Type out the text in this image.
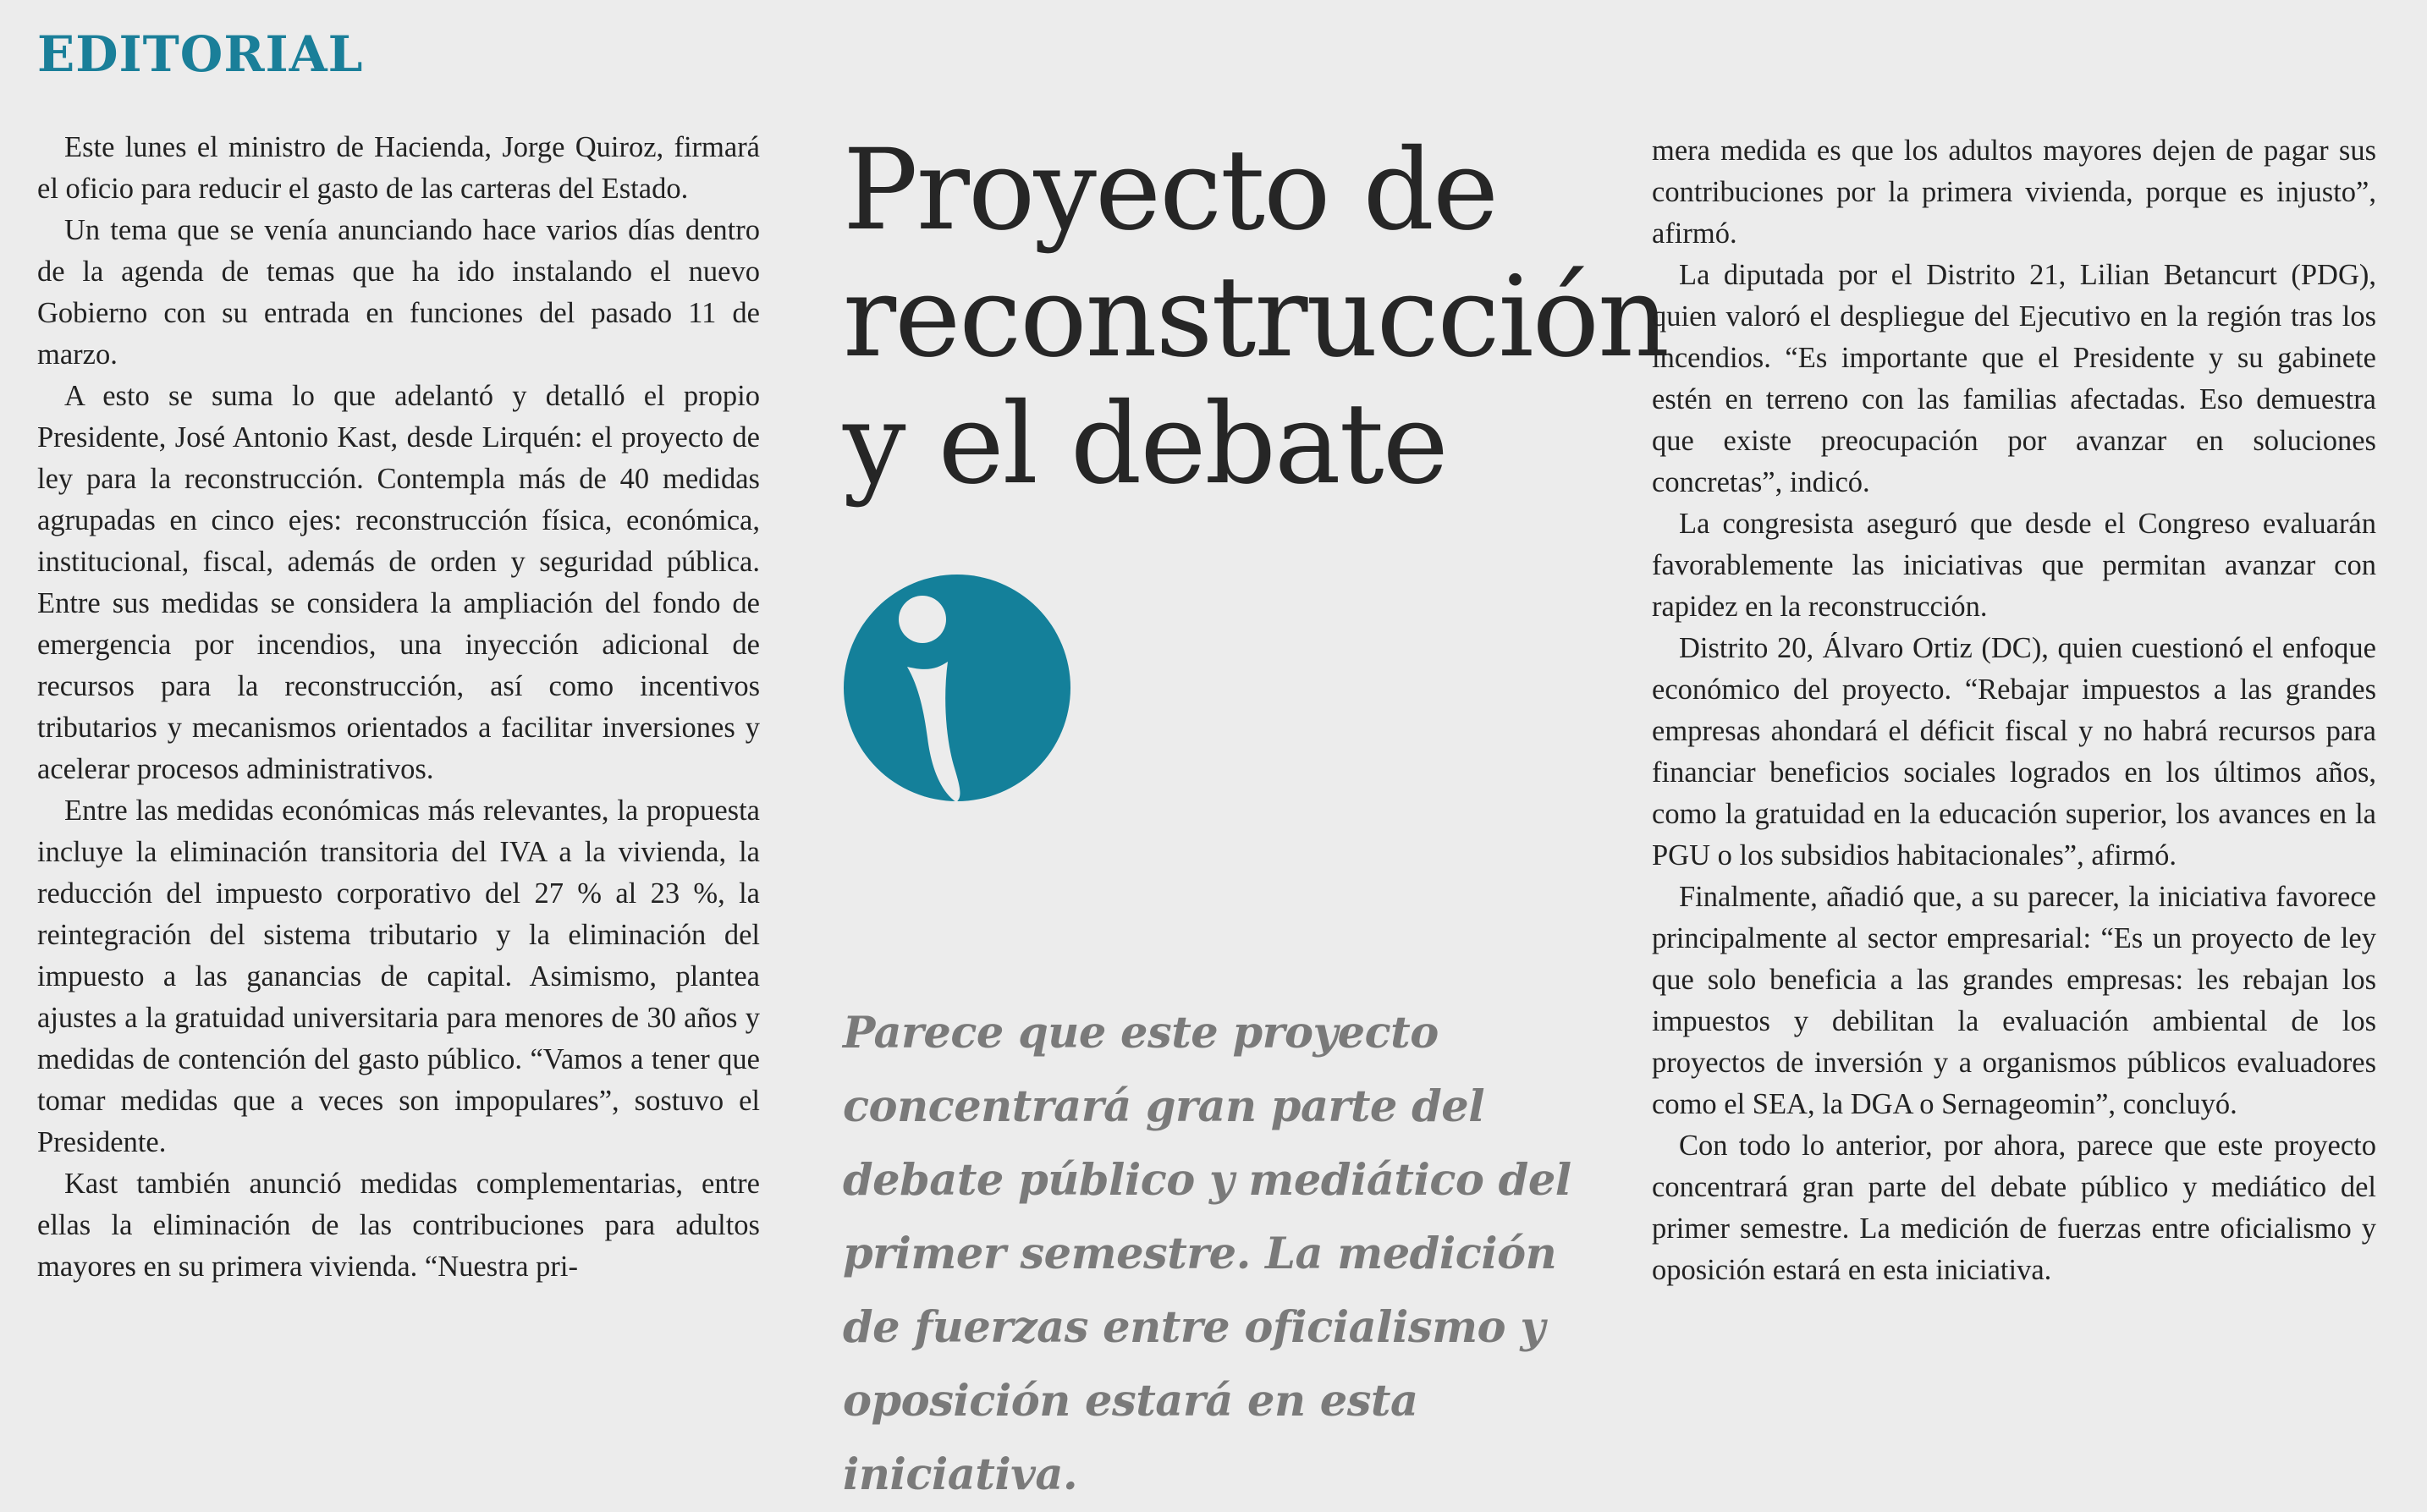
EDITORIAL

Este lunes el ministro de Hacienda, Jorge Quiroz, firmará el oficio para reducir el gasto de las carteras del Estado.

Un tema que se venía anunciando hace varios días dentro de la agenda de temas que ha ido instalando el nuevo Gobierno con su entrada en funciones del pasado 11 de marzo.

A esto se suma lo que adelantó y detalló el propio Presidente, José Antonio Kast, desde Lirquén: el proyecto de ley para la reconstrucción. Contempla más de 40 medidas agrupadas en cinco ejes: reconstrucción física, económica, institucional, fiscal, además de orden y seguridad pública. Entre sus medidas se considera la ampliación del fondo de emergencia por incendios, una inyección adicional de recursos para la reconstrucción, así como incentivos tributarios y mecanismos orientados a facilitar inversiones y acelerar procesos administrativos.

Entre las medidas económicas más relevantes, la propuesta incluye la eliminación transitoria del IVA a la vivienda, la reducción del impuesto corporativo del 27 % al 23 %, la reintegración del sistema tributario y la eliminación del impuesto a las ganancias de capital. Asimismo, plantea ajustes a la gratuidad universitaria para menores de 30 años y medidas de contención del gasto público. “Vamos a tener que tomar medidas que a veces son impopulares”, sostuvo el Presidente.

Kast también anunció medidas complementarias, entre ellas la eliminación de las contribuciones para adultos mayores en su primera vivienda. “Nuestra pri-

Proyecto de reconstrucción y el debate

Parece que este proyecto concentrará gran parte del debate público y mediático del primer semestre. La medición de fuerzas entre oficialismo y oposición estará en esta iniciativa.

mera medida es que los adultos mayores dejen de pagar sus contribuciones por la primera vivienda, porque es injusto”, afirmó.

La diputada por el Distrito 21, Lilian Betancurt (PDG), quien valoró el despliegue del Ejecutivo en la región tras los incendios. “Es importante que el Presidente y su gabinete estén en terreno con las familias afectadas. Eso demuestra que existe preocupación por avanzar en soluciones concretas”, indicó.

La congresista aseguró que desde el Congreso evaluarán favorablemente las iniciativas que permitan avanzar con rapidez en la reconstrucción.

Distrito 20, Álvaro Ortiz (DC), quien cuestionó el enfoque económico del proyecto. “Rebajar impuestos a las grandes empresas ahondará el déficit fiscal y no habrá recursos para financiar beneficios sociales logrados en los últimos años, como la gratuidad en la educación superior, los avances en la PGU o los subsidios habitacionales”, afirmó.

Finalmente, añadió que, a su parecer, la iniciativa favorece principalmente al sector empresarial: “Es un proyecto de ley que solo beneficia a las grandes empresas: les rebajan los impuestos y debilitan la evaluación ambiental de los proyectos de inversión y a organismos públicos evaluadores como el SEA, la DGA o Sernageomin”, concluyó.

Con todo lo anterior, por ahora, parece que este proyecto concentrará gran parte del debate público y mediático del primer semestre. La medición de fuerzas entre oficialismo y oposición estará en esta iniciativa.
